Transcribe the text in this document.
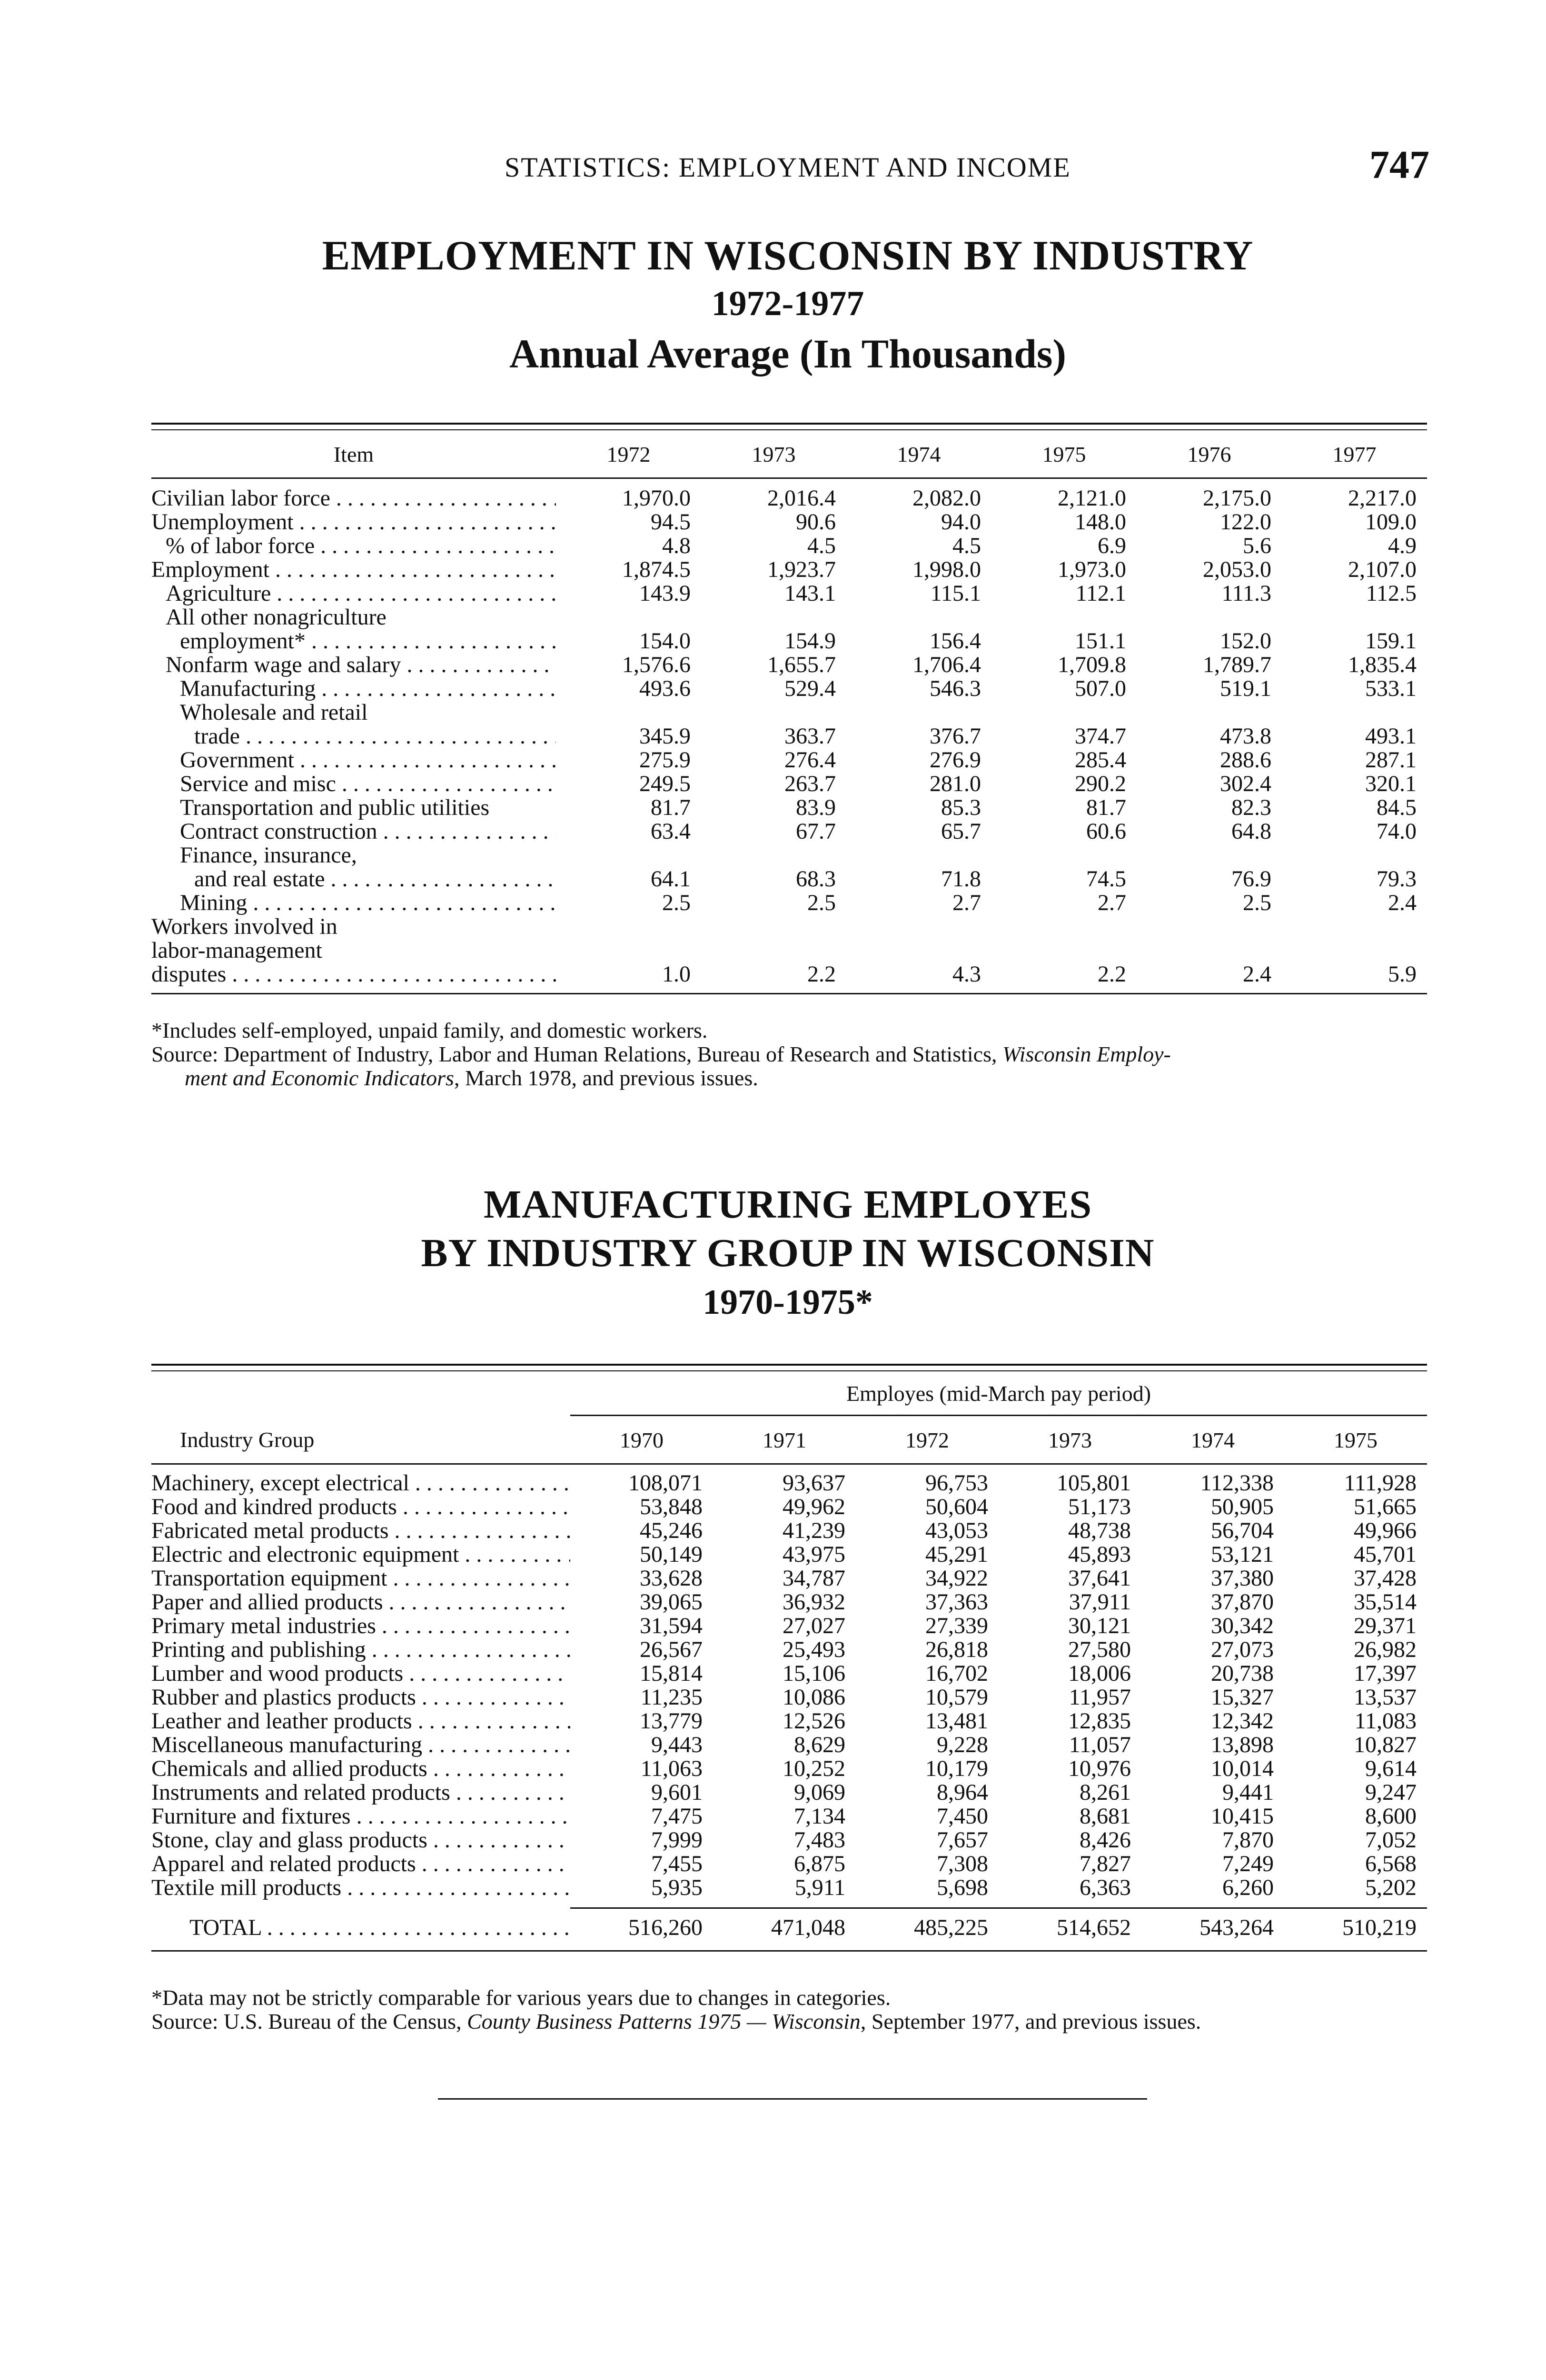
STATISTICS: EMPLOYMENT AND INCOME	747
EMPLOYMENT IN WISCONSIN BY INDUSTRY
1972-1977
Annual Average (In Thousands)
Item	1972	1973	1974	1975	1976	1977
Civilian labor force . . .	1,970.0	2,016.4	2,082.0	2,121.0	2,175.0	2,217.0

Unemployment . . .	94.5	90.6	94.0	148.0	122.0	109.0

% of labor force . . .	4.8	4.5	4.5	6.9	5.6	4.9

Employment . . .	1,874.5	1,923.7	1,998.0	1,973.0	2,053.0	2,107.0

Agriculture . . .	143.9	143.1	115.1	112.1	111.3	112.5

All other nonagriculture						

employment* . . .	154.0	154.9	156.4	151.1	152.0	159.1

Nonfarm wage and salary . . .	1,576.6	1,655.7	1,706.4	1,709.8	1,789.7	1,835.4

Manufacturing . . .	493.6	529.4	546.3	507.0	519.1	533.1

Wholesale and retail						

trade . . .	345.9	363.7	376.7	374.7	473.8	493.1

Government . . .	275.9	276.4	276.9	285.4	288.6	287.1

Service and misc . . .	249.5	263.7	281.0	290.2	302.4	320.1

Transportation and public utilities	81.7	83.9	85.3	81.7	82.3	84.5

Contract construction . . .	63.4	67.7	65.7	60.6	64.8	74.0

Finance, insurance,						

and real estate . . .	64.1	68.3	71.8	74.5	76.9	79.3

Mining . . .	2.5	2.5	2.7	2.7	2.5	2.4

Workers involved in						

labor-management						

disputes . . .	1.0	2.2	4.3	2.2	2.4	5.9

*Includes self-employed, unpaid family, and domestic workers.

Source: Department of Industry, Labor and Human Relations, Bureau of Research and Statistics, Wisconsin Employ-

ment and Economic Indicators, March 1978, and previous issues.

MANUFACTURING EMPLOYES
BY INDUSTRY GROUP IN WISCONSIN
1970-1975*
	Employes (mid-March pay period)					
Industry Group	1970	1971	1972	1973	1974	1975
Machinery, except electrical . . .	108,071	93,637	96,753	105,801	112,338	111,928

Food and kindred products . . .	53,848	49,962	50,604	51,173	50,905	51,665

Fabricated metal products . . .	45,246	41,239	43,053	48,738	56,704	49,966

Electric and electronic equipment . . .	50,149	43,975	45,291	45,893	53,121	45,701

Transportation equipment . . .	33,628	34,787	34,922	37,641	37,380	37,428

Paper and allied products . . .	39,065	36,932	37,363	37,911	37,870	35,514

Primary metal industries . . .	31,594	27,027	27,339	30,121	30,342	29,371

Printing and publishing . . .	26,567	25,493	26,818	27,580	27,073	26,982

Lumber and wood products . . .	15,814	15,106	16,702	18,006	20,738	17,397

Rubber and plastics products . . .	11,235	10,086	10,579	11,957	15,327	13,537

Leather and leather products . . .	13,779	12,526	13,481	12,835	12,342	11,083

Miscellaneous manufacturing . . .	9,443	8,629	9,228	11,057	13,898	10,827

Chemicals and allied products . . .	11,063	10,252	10,179	10,976	10,014	9,614

Instruments and related products . . .	9,601	9,069	8,964	8,261	9,441	9,247

Furniture and fixtures . . .	7,475	7,134	7,450	8,681	10,415	8,600

Stone, clay and glass products . . .	7,999	7,483	7,657	8,426	7,870	7,052

Apparel and related products . . .	7,455	6,875	7,308	7,827	7,249	6,568

Textile mill products . . .	5,935	5,911	5,698	6,363	6,260	5,202
TOTAL . . .	516,260	471,048	485,225	514,652	543,264	510,219

*Data may not be strictly comparable for various years due to changes in categories.

Source: U.S. Bureau of the Census, County Business Patterns 1975 — Wisconsin, September 1977, and previous issues.
